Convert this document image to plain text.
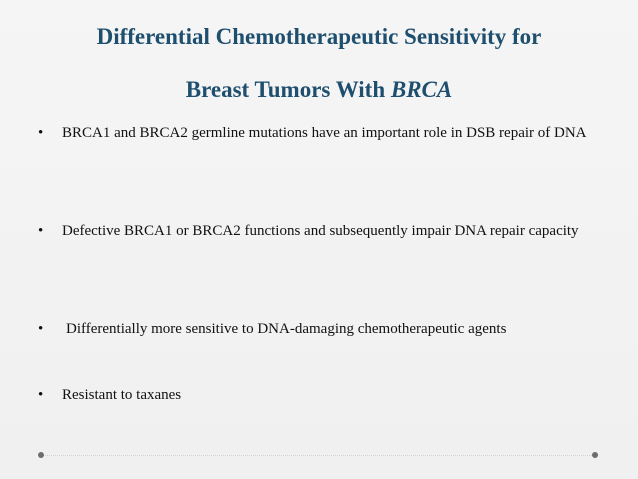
Differential Chemotherapeutic Sensitivity for
Breast Tumors With BRCA
•	BRCA1 and BRCA2 germline mutations have an important role in DSB repair of DNA
•	Defective BRCA1 or BRCA2 functions and subsequently impair DNA repair capacity
•	Differentially more sensitive to DNA-damaging chemotherapeutic agents
•	Resistant to taxanes
